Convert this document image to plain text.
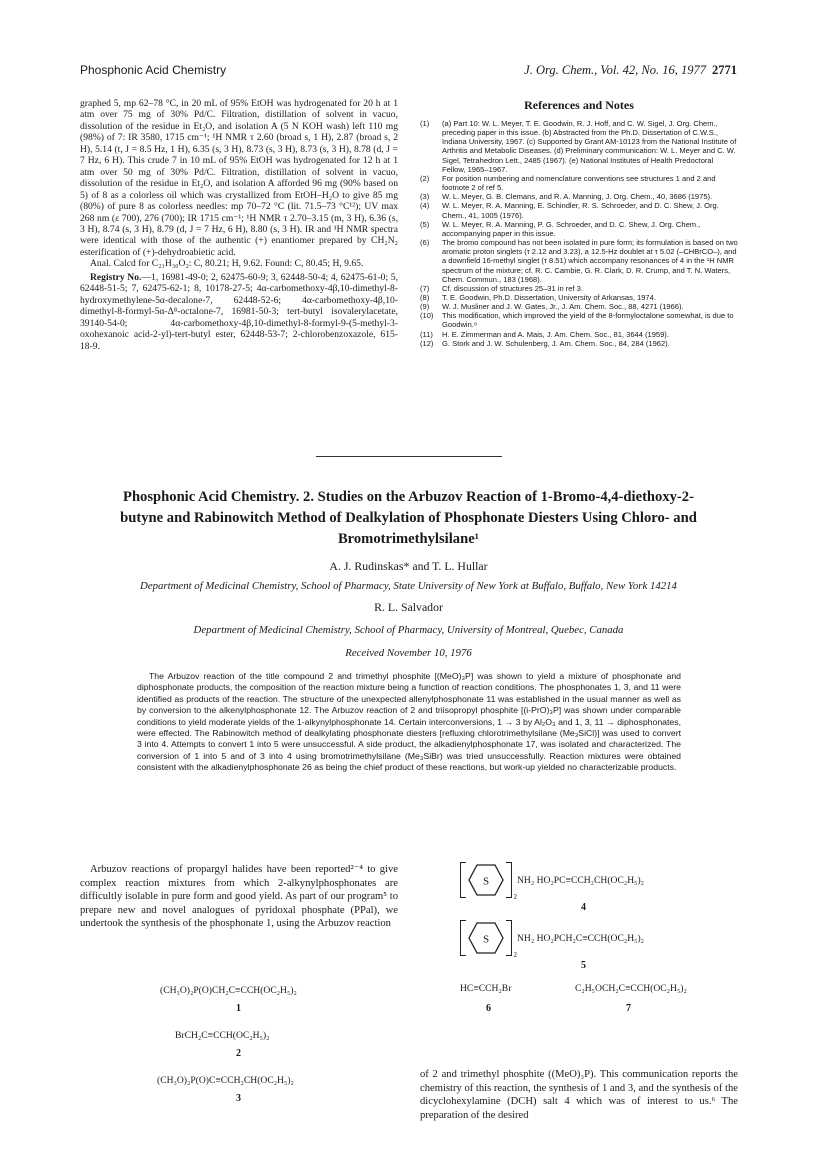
Phosphonic Acid Chemistry	J. Org. Chem., Vol. 42, No. 16, 1977 2771

graphed 5, mp 62–78 °C, in 20 mL of 95% EtOH was hydrogenated for 20 h at 1 atm over 75 mg of 30% Pd/C. Filtration, distillation of solvent in vacuo, dissolution of the residue in Et₂O, and isolation A (5 N KOH wash) left 110 mg (98%) of 7: IR 3580, 1715 cm⁻¹; ¹H NMR τ 2.60 (broad s, 1 H), 2.87 (broad s, 2 H), 5.14 (t, J = 8.5 Hz, 1 H), 6.35 (s, 3 H), 8.73 (s, 3 H), 8.73 (s, 3 H), 8.78 (d, J = 7 Hz, 6 H). This crude 7 in 10 mL of 95% EtOH was hydrogenated for 12 h at 1 atm over 50 mg of 30% Pd/C. Filtration, distillation of solvent in vacuo, dissolution of the residue in Et₂O, and isolation A afforded 96 mg (90% based on 5) of 8 as a colorless oil which was crystallized from EtOH–H₂O to give 85 mg (80%) of pure 8 as colorless needles: mp 70–72 °C (lit. 71.5–73 °C¹²); UV max 268 nm (ε 700), 276 (700); IR 1715 cm⁻¹; ¹H NMR τ 2.70–3.15 (m, 3 H), 6.36 (s, 3 H), 8.74 (s, 3 H), 8.79 (d, J = 7 Hz, 6 H), 8.80 (s, 3 H). IR and ¹H NMR spectra were identical with those of the authentic (+) enantiomer prepared by CH₂N₂ esterification of (+)-dehydroabietic acid.

Anal. Calcd for C₂₁H₃₀O₂: C, 80.21; H, 9.62. Found: C, 80.45; H, 9.65.

Registry No.—1, 16981-49-0; 2, 62475-60-9; 3, 62448-50-4; 4, 62475-61-0; 5, 62448-51-5; 7, 62475-62-1; 8, 10178-27-5; 4α-carbomethoxy-4β,10-dimethyl-8-hydroxymethylene-5α-decalone-7, 62448-52-6; 4α-carbomethoxy-4β,10-dimethyl-8-formyl-5α-Δ⁸-octalone-7, 16981-50-3; tert-butyl isovalerylacetate, 39140-54-0; 4α-carbomethoxy-4β,10-dimethyl-8-formyl-9-(5-methyl-3-oxohexanoic acid-2-yl)-tert-butyl ester, 62448-53-7; 2-chlorobenzoxazole, 615-18-9.

References and Notes
(1) (a) Part 10: W. L. Meyer, T. E. Goodwin, R. J. Hoff, and C. W. Sigel, J. Org. Chem., preceding paper in this issue. (b) Abstracted from the Ph.D. Dissertation of C.W.S., Indiana University, 1967. (c) Supported by Grant AM-10123 from the National Institute of Arthritis and Metabolic Diseases. (d) Preliminary communication: W. L. Meyer and C. W. Sigel, Tetrahedron Lett., 2485 (1967). (e) National Institutes of Health Predoctoral Fellow, 1965–1967.
(2) For position numbering and nomenclature conventions see structures 1 and 2 and footnote 2 of ref 5.
(3) W. L. Meyer, G. B. Clemans, and R. A. Manning, J. Org. Chem., 40, 3686 (1975).
(4) W. L. Meyer, R. A. Manning, E. Schindler, R. S. Schroeder, and D. C. Shew, J. Org. Chem., 41, 1005 (1976).
(5) W. L. Meyer, R. A. Manning, P. G. Schroeder, and D. C. Shew, J. Org. Chem., accompanying paper in this issue.
(6) The bromo compound has not been isolated in pure form; its formulation is based on two aromatic proton singlets (τ 2.12 and 3.23), a 12.5-Hz doublet at τ 5.02 (–CHBrCO–), and a downfield 16-methyl singlet (τ 8.51) which accompany resonances of 4 in the ¹H NMR spectrum of the mixture; cf. R. C. Cambie, G. R. Clark, D. R. Crump, and T. N. Waters, Chem. Commun., 183 (1968).
(7) Cf. discussion of structures 25–31 in ref 3.
(8) T. E. Goodwin, Ph.D. Dissertation, University of Arkansas, 1974.
(9) W. J. Musliner and J. W. Gates, Jr., J. Am. Chem. Soc., 88, 4271 (1966).
(10) This modification, which improved the yield of the 8-formyloctalone somewhat, is due to Goodwin.⁸
(11) H. E. Zimmerman and A. Mais, J. Am. Chem. Soc., 81, 3644 (1959).
(12) G. Stork and J. W. Schulenberg, J. Am. Chem. Soc., 84, 284 (1962).
Phosphonic Acid Chemistry. 2. Studies on the Arbuzov Reaction of 1-Bromo-4,4-diethoxy-2-butyne and Rabinowitch Method of Dealkylation of Phosphonate Diesters Using Chloro- and Bromotrimethylsilane¹
A. J. Rudinskas* and T. L. Hullar
Department of Medicinal Chemistry, School of Pharmacy, State University of New York at Buffalo, Buffalo, New York 14214
R. L. Salvador
Department of Medicinal Chemistry, School of Pharmacy, University of Montreal, Quebec, Canada
Received November 10, 1976

The Arbuzov reaction of the title compound 2 and trimethyl phosphite [(MeO)₃P] was shown to yield a mixture of phosphonate and diphosphonate products, the composition of the reaction mixture being a function of reaction conditions. The phosphonates 1, 3, and 11 were identified as products of the reaction. The structure of the unexpected allenylphosphonate 11 was established in the usual manner as well as by conversion to the alkenylphosphonate 12. The Arbuzov reaction of 2 and triisopropyl phosphite [(i-PrO)₃P] was shown under comparable conditions to yield moderate yields of the 1-alkynylphosphonate 14. Certain interconversions, 1 → 3 by Al₂O₃ and 1, 3, 11 → diphosphonates, were effected. The Rabinowitch method of dealkylating phosphonate diesters [refluxing chlorotrimethylsilane (Me₃SiCl)] was used to convert 3 into 4. Attempts to convert 1 into 5 were unsuccessful. A side product, the alkadienylphosphonate 17, was isolated and characterized. The conversion of 1 into 5 and of 3 into 4 using bromotrimethylsilane (Me₃SiBr) was tried unsuccessfully. Reaction mixtures were obtained consistent with the alkadienylphosphonate 26 as being the chief product of these reactions, but work-up yielded no characterizable products.

Arbuzov reactions of propargyl halides have been reported²⁻⁴ to give complex reaction mixtures from which 2-alkynylphosphonates are difficultly isolable in pure form and good yield. As part of our program⁵ to prepare new and novel analogues of pyridoxal phosphate (PPal), we undertook the synthesis of the phosphonate 1, using the Arbuzov reaction

(CH₃O)₂P(O)CH₂C≡CCH(OC₂H₅)₂
1
BrCH₂C≡CCH(OC₂H₅)₂
2
(CH₃O)₂P(O)C≡CCH₂CH(OC₂H₅)₂
3
S
2
NH₂ HO₂PC≡CCH₂CH(OC₂H₅)₂
4
S
2
NH₂ HO₂PCH₂C≡CCH(OC₂H₅)₂
5
HC≡CCH₂Br
6
C₂H₅OCH₂C≡CCH(OC₂H₅)₂
7

of 2 and trimethyl phosphite ((MeO)₃P). This communication reports the chemistry of this reaction, the synthesis of 1 and 3, and the synthesis of the dicyclohexylamine (DCH) salt 4 which was of interest to us.⁶ The preparation of the desired
